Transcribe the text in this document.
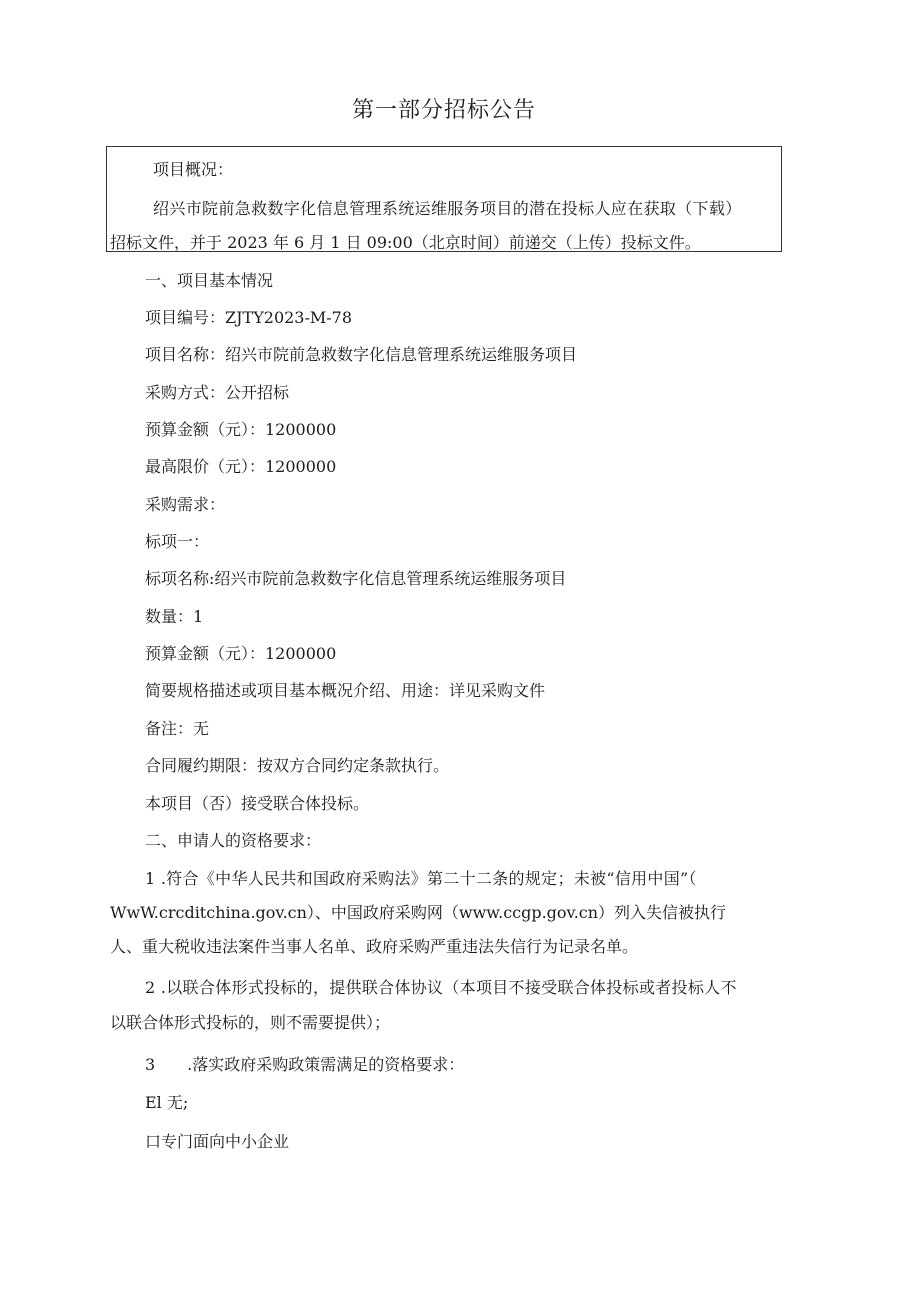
第一部分招标公告
项目概况：
绍兴市院前急救数字化信息管理系统运维服务项目的潜在投标人应在获取（下载）
招标文件，并于 2023 年 6 月 1 日 09:00（北京时间）前递交（上传）投标文件。
一、项目基本情况
项目编号：ZJTY2023-M-78
项目名称：绍兴市院前急救数字化信息管理系统运维服务项目
采购方式：公开招标
预算金额（元）：1200000
最高限价（元）：1200000
采购需求：
标项一：
标项名称:绍兴市院前急救数字化信息管理系统运维服务项目
数量：1
预算金额（元）：1200000
简要规格描述或项目基本概况介绍、用途：详见采购文件
备注：无
合同履约期限：按双方合同约定条款执行。
本项目（否）接受联合体投标。
二、申请人的资格要求：
1 .符合《中华人民共和国政府采购法》第二十二条的规定；未被“信用中国”（
WwW.crcditchina.gov.cn）、中国政府采购网（www.ccgp.gov.cn）列入失信被执行
人、重大税收违法案件当事人名单、政府采购严重违法失信行为记录名单。
2 .以联合体形式投标的，提供联合体协议（本项目不接受联合体投标或者投标人不
以联合体形式投标的，则不需要提供）；
3　　.落实政府采购政策需满足的资格要求：
El 无;
口专门面向中小企业
